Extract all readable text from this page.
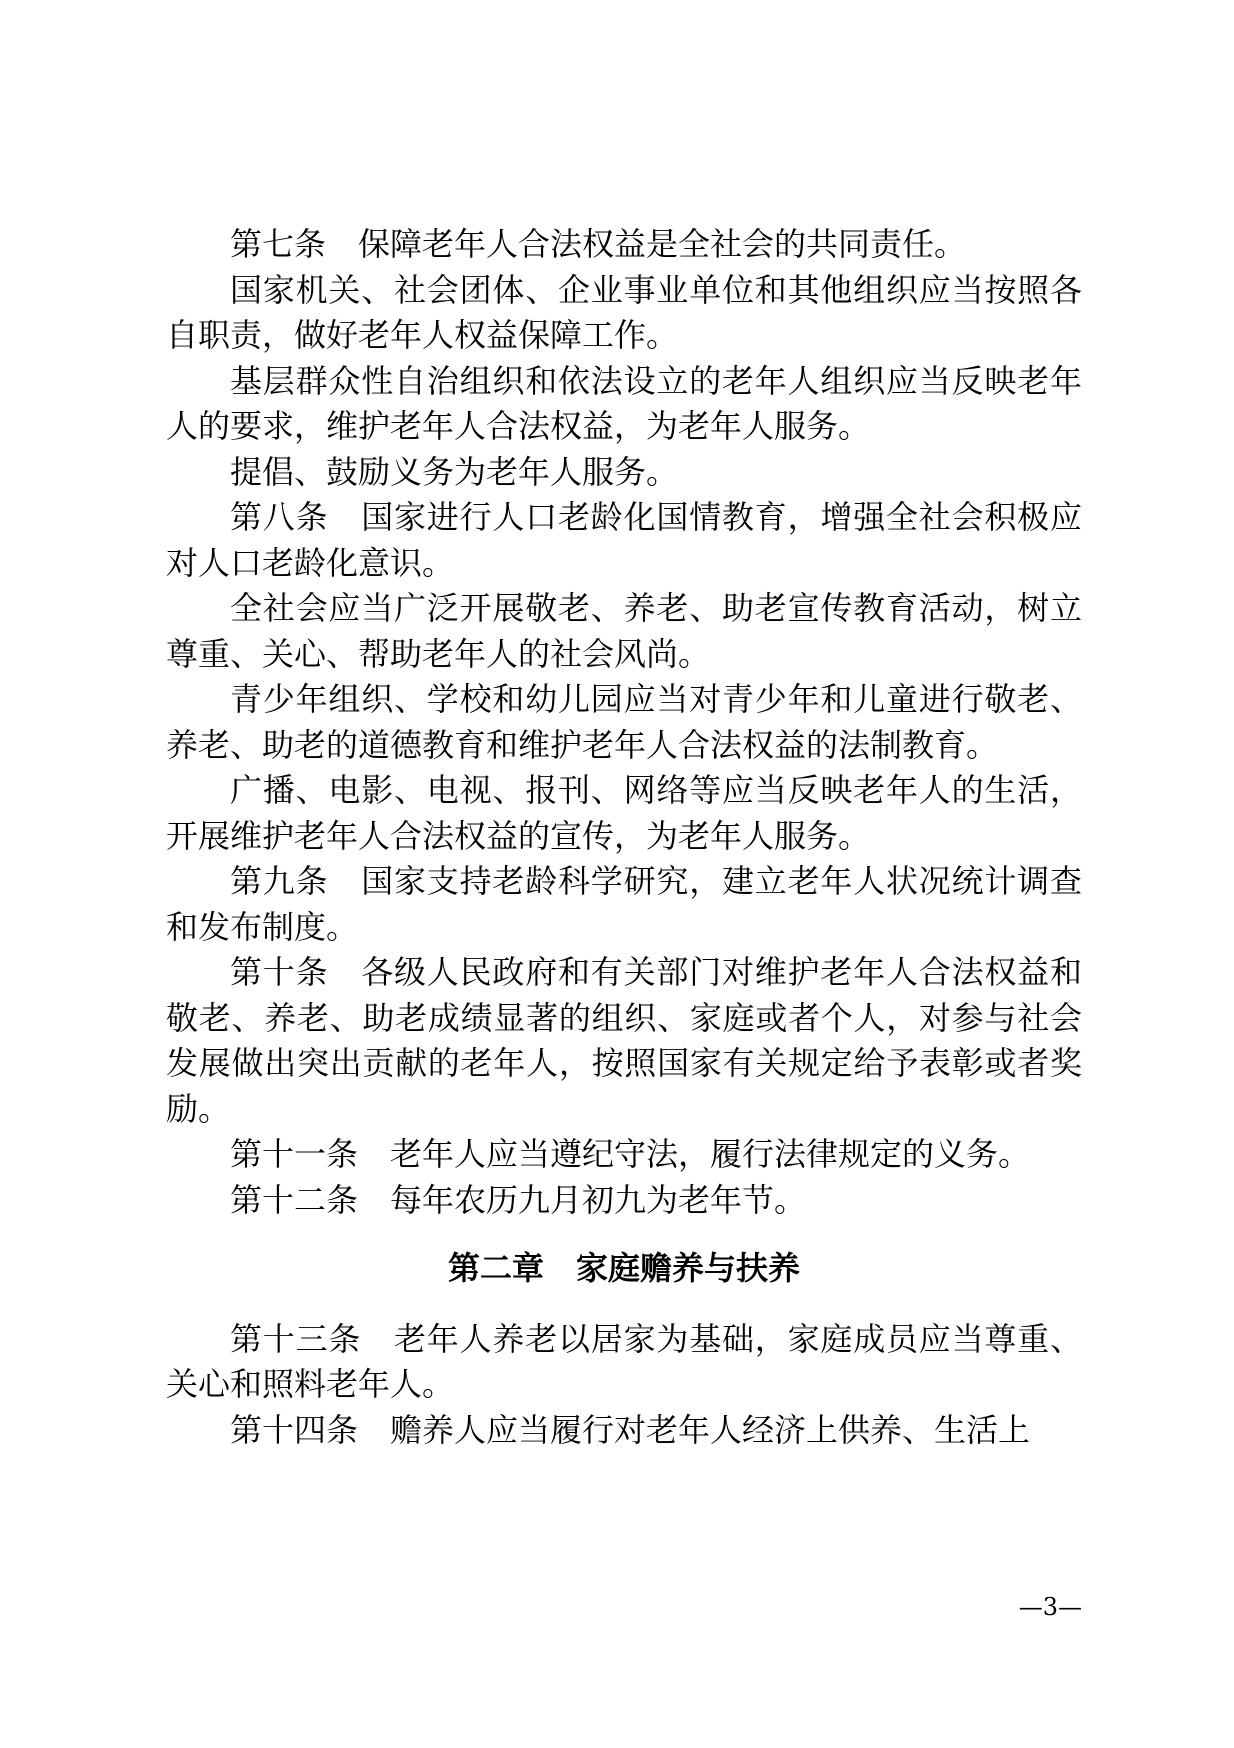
第七条　保障老年人合法权益是全社会的共同责任。

国家机关、社会团体、企业事业单位和其他组织应当按照各自职责，做好老年人权益保障工作。

基层群众性自治组织和依法设立的老年人组织应当反映老年人的要求，维护老年人合法权益，为老年人服务。

提倡、鼓励义务为老年人服务。

第八条　国家进行人口老龄化国情教育，增强全社会积极应对人口老龄化意识。

全社会应当广泛开展敬老、养老、助老宣传教育活动，树立尊重、关心、帮助老年人的社会风尚。

青少年组织、学校和幼儿园应当对青少年和儿童进行敬老、养老、助老的道德教育和维护老年人合法权益的法制教育。

广播、电影、电视、报刊、网络等应当反映老年人的生活，开展维护老年人合法权益的宣传，为老年人服务。

第九条　国家支持老龄科学研究，建立老年人状况统计调查和发布制度。

第十条　各级人民政府和有关部门对维护老年人合法权益和敬老、养老、助老成绩显著的组织、家庭或者个人，对参与社会发展做出突出贡献的老年人，按照国家有关规定给予表彰或者奖励。

第十一条　老年人应当遵纪守法，履行法律规定的义务。

第十二条　每年农历九月初九为老年节。

第二章　家庭赡养与扶养

第十三条　老年人养老以居家为基础，家庭成员应当尊重、关心和照料老年人。

第十四条　赡养人应当履行对老年人经济上供养、生活上

—3—
